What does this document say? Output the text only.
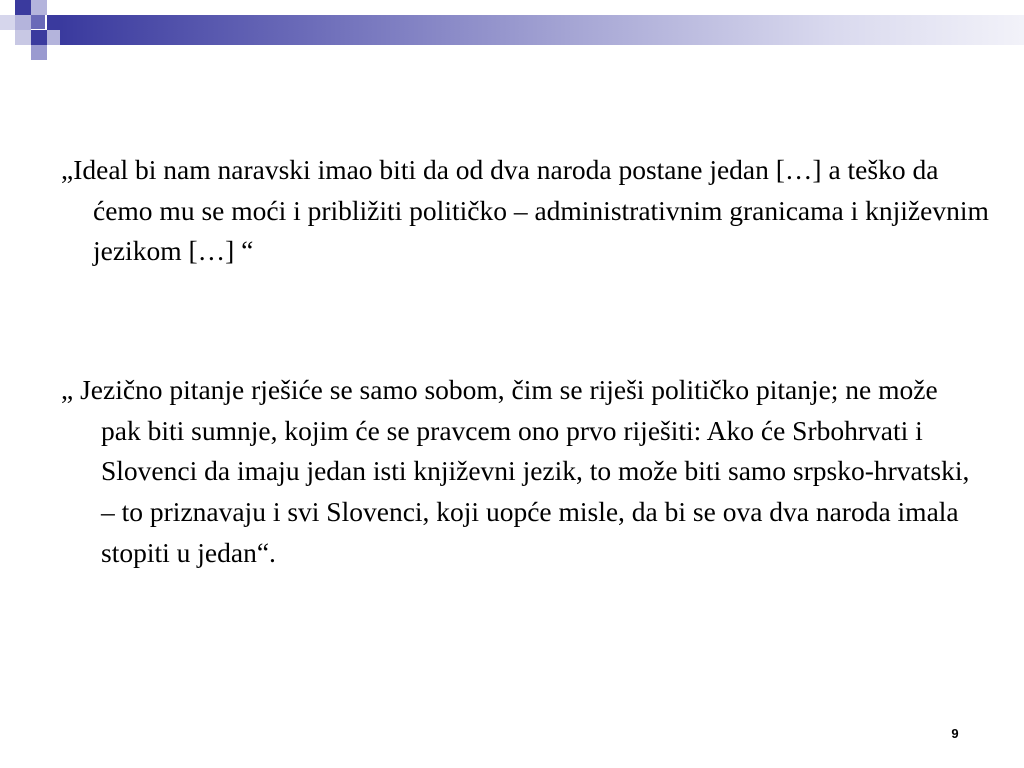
„Ideal bi nam naravski imao biti da od dva naroda postane jedan […] a teško da ćemo mu se moći i približiti političko – administrativnim granicama i književnim jezikom […] “

„ Jezično pitanje rješiće se samo sobom, čim se riješi političko pitanje; ne može pak biti sumnje, kojim će se pravcem ono prvo riješiti: Ako će Srbohrvati i Slovenci da imaju jedan isti književni jezik, to može biti samo srpsko-hrvatski, – to priznavaju i svi Slovenci, koji uopće misle, da bi se ova dva naroda imala stopiti u jedan“.

9
